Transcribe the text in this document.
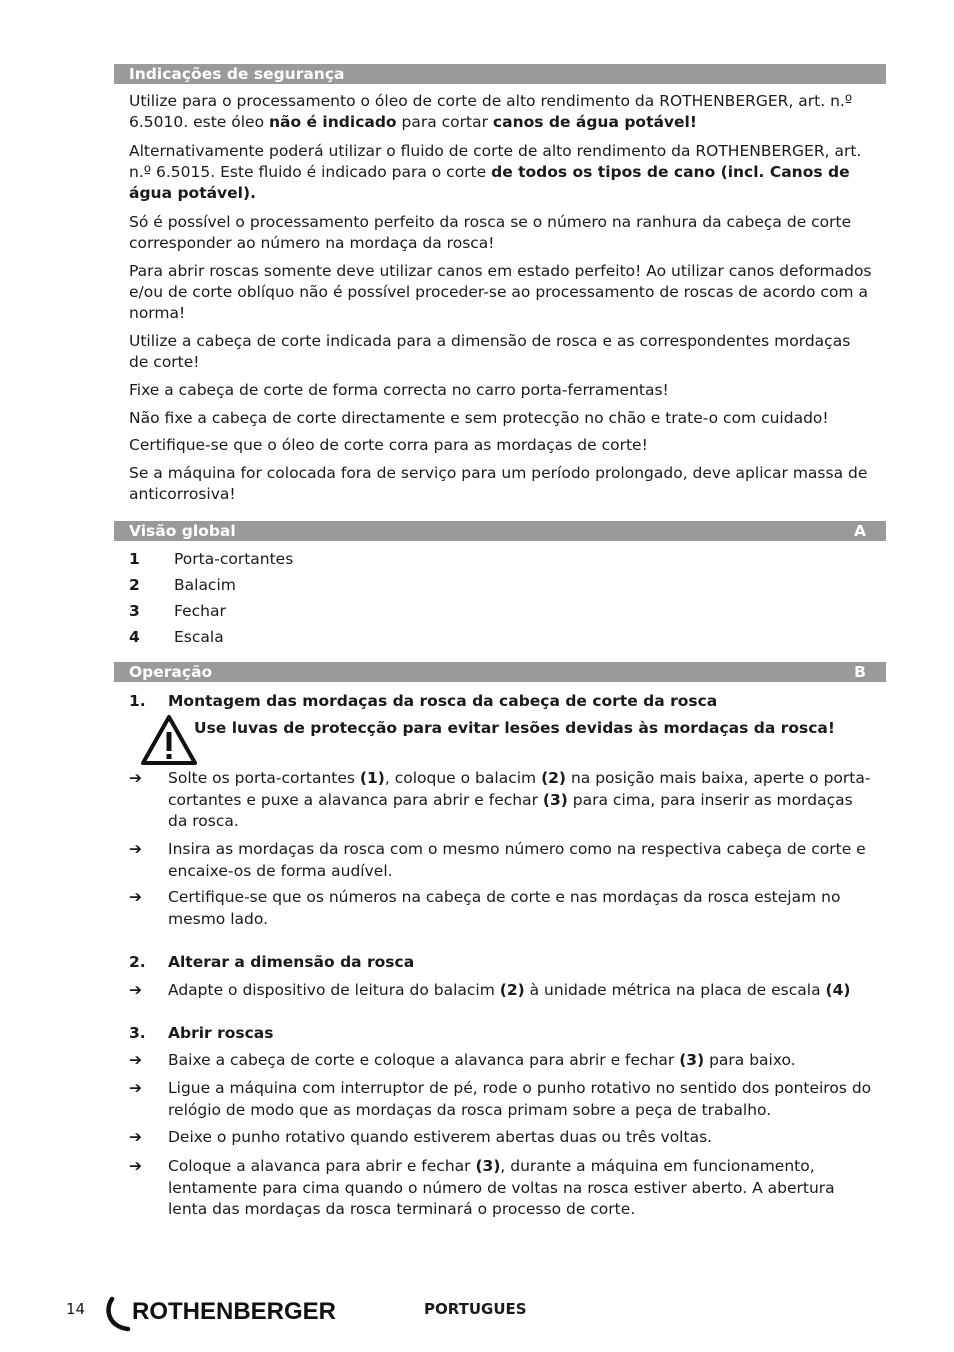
Indicações de segurança

Utilize para o processamento o óleo de corte de alto rendimento da ROTHENBERGER, art. n.º 6.5010. este óleo não é indicado para cortar canos de água potável!

Alternativamente poderá utilizar o fluido de corte de alto rendimento da ROTHENBERGER, art. n.º 6.5015. Este fluido é indicado para o corte de todos os tipos de cano (incl. Canos de água potável).

Só é possível o processamento perfeito da rosca se o número na ranhura da cabeça de corte corresponder ao número na mordaça da rosca!

Para abrir roscas somente deve utilizar canos em estado perfeito! Ao utilizar canos deformados e/ou de corte oblíquo não é possível proceder-se ao processamento de roscas de acordo com a norma!

Utilize a cabeça de corte indicada para a dimensão de rosca e as correspondentes mordaças de corte!

Fixe a cabeça de corte de forma correcta no carro porta-ferramentas!

Não fixe a cabeça de corte directamente e sem protecção no chão e trate-o com cuidado!

Certifique-se que o óleo de corte corra para as mordaças de corte!

Se a máquina for colocada fora de serviço para um período prolongado, deve aplicar massa de anticorrosiva!

Visão global	A
1 Porta-cortantes
2 Balacim
3 Fechar
4 Escala
Operação	B
1. Montagem das mordaças da rosca da cabeça de corte da rosca
Use luvas de protecção para evitar lesões devidas às mordaças da rosca!
➔ Solte os porta-cortantes (1), coloque o balacim (2) na posição mais baixa, aperte o porta-cortantes e puxe a alavanca para abrir e fechar (3) para cima, para inserir as mordaças da rosca.
➔ Insira as mordaças da rosca com o mesmo número como na respectiva cabeça de corte e encaixe-os de forma audível.
➔ Certifique-se que os números na cabeça de corte e nas mordaças da rosca estejam no mesmo lado.
2. Alterar a dimensão da rosca
➔ Adapte o dispositivo de leitura do balacim (2) à unidade métrica na placa de escala (4)
3. Abrir roscas
➔ Baixe a cabeça de corte e coloque a alavanca para abrir e fechar (3) para baixo.
➔ Ligue a máquina com interruptor de pé, rode o punho rotativo no sentido dos ponteiros do relógio de modo que as mordaças da rosca primam sobre a peça de trabalho.
➔ Deixe o punho rotativo quando estiverem abertas duas ou três voltas.
➔ Coloque a alavanca para abrir e fechar (3), durante a máquina em funcionamento, lentamente para cima quando o número de voltas na rosca estiver aberto. A abertura lenta das mordaças da rosca terminará o processo de corte.
14 ROTHENBERGER	PORTUGUES
